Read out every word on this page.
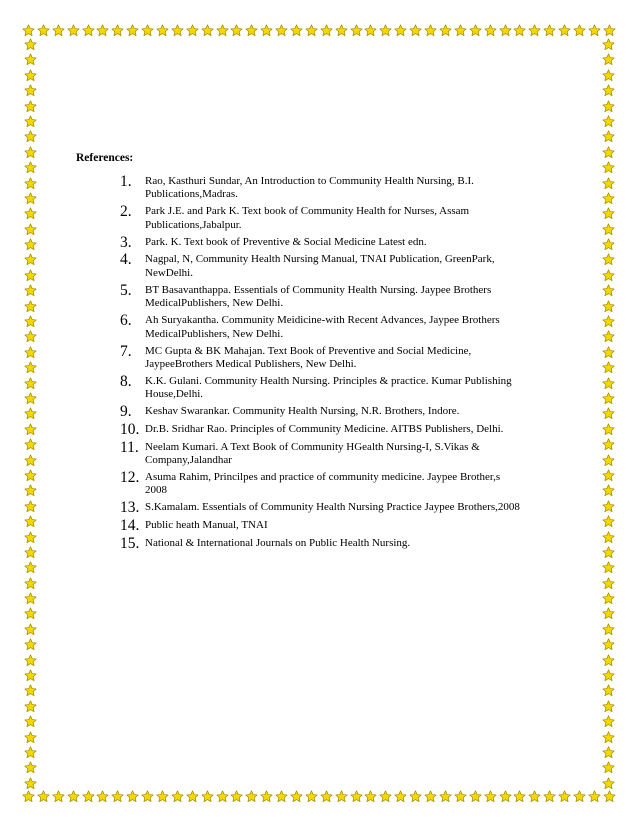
References:
1.	Rao, Kasthuri Sundar, An Introduction to Community Health Nursing, B.I. Publications,Madras.
2.	Park J.E. and Park K. Text book of Community Health for Nurses, Assam Publications,Jabalpur.
3.	Park. K. Text book of Preventive & Social Medicine Latest edn.
4.	Nagpal, N, Community Health Nursing Manual, TNAI Publication, GreenPark, NewDelhi.
5.	BT Basavanthappa. Essentials of Community Health Nursing. Jaypee Brothers MedicalPublishers, New Delhi.
6.	Ah Suryakantha. Community Meidicine-with Recent Advances, Jaypee Brothers MedicalPublishers, New Delhi.
7.	MC Gupta & BK Mahajan. Text Book of Preventive and Social Medicine, JaypeeBrothers Medical Publishers, New Delhi.
8.	K.K. Gulani. Community Health Nursing. Principles & practice. Kumar Publishing House,Delhi.
9.	Keshav Swarankar. Community Health Nursing, N.R. Brothers, Indore.
10. Dr.B. Sridhar Rao. Principles of Community Medicine. AITBS Publishers, Delhi.
11. Neelam Kumari. A Text Book of Community HGealth Nursing-I, S.Vikas & Company,Jalandhar
12. Asuma Rahim, Princilpes and practice of community medicine. Jaypee Brother,s 2008
13. S.Kamalam. Essentials of Community Health Nursing Practice Jaypee Brothers,2008
14. Public heath Manual, TNAI
15. National & International Journals on Public Health Nursing.
